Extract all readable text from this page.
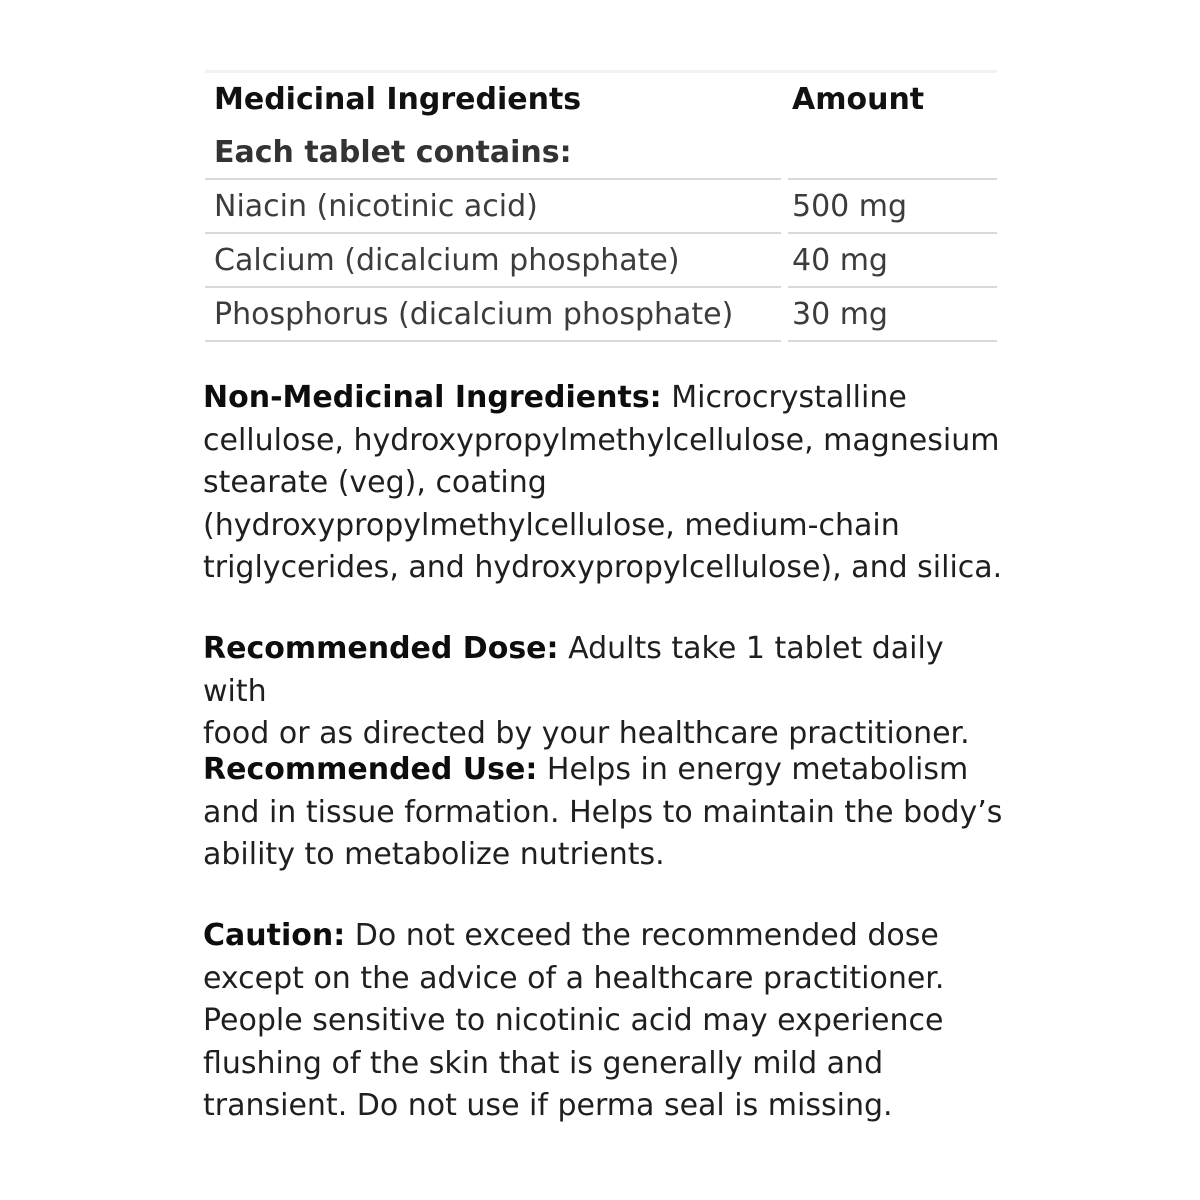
Medicinal Ingredients	Amount
Each tablet contains:
Niacin (nicotinic acid)	500 mg
Calcium (dicalcium phosphate)	40 mg
Phosphorus (dicalcium phosphate)	30 mg

Non-Medicinal Ingredients: Microcrystalline
cellulose, hydroxypropylmethylcellulose, magnesium
stearate (veg), coating
(hydroxypropylmethylcellulose, medium-chain
triglycerides, and hydroxypropylcellulose), and silica.

Recommended Dose: Adults take 1 tablet daily with
food or as directed by your healthcare practitioner.

Recommended Use: Helps in energy metabolism
and in tissue formation. Helps to maintain the body’s
ability to metabolize nutrients.

Caution: Do not exceed the recommended dose
except on the advice of a healthcare practitioner.
People sensitive to nicotinic acid may experience
flushing of the skin that is generally mild and
transient. Do not use if perma seal is missing.
